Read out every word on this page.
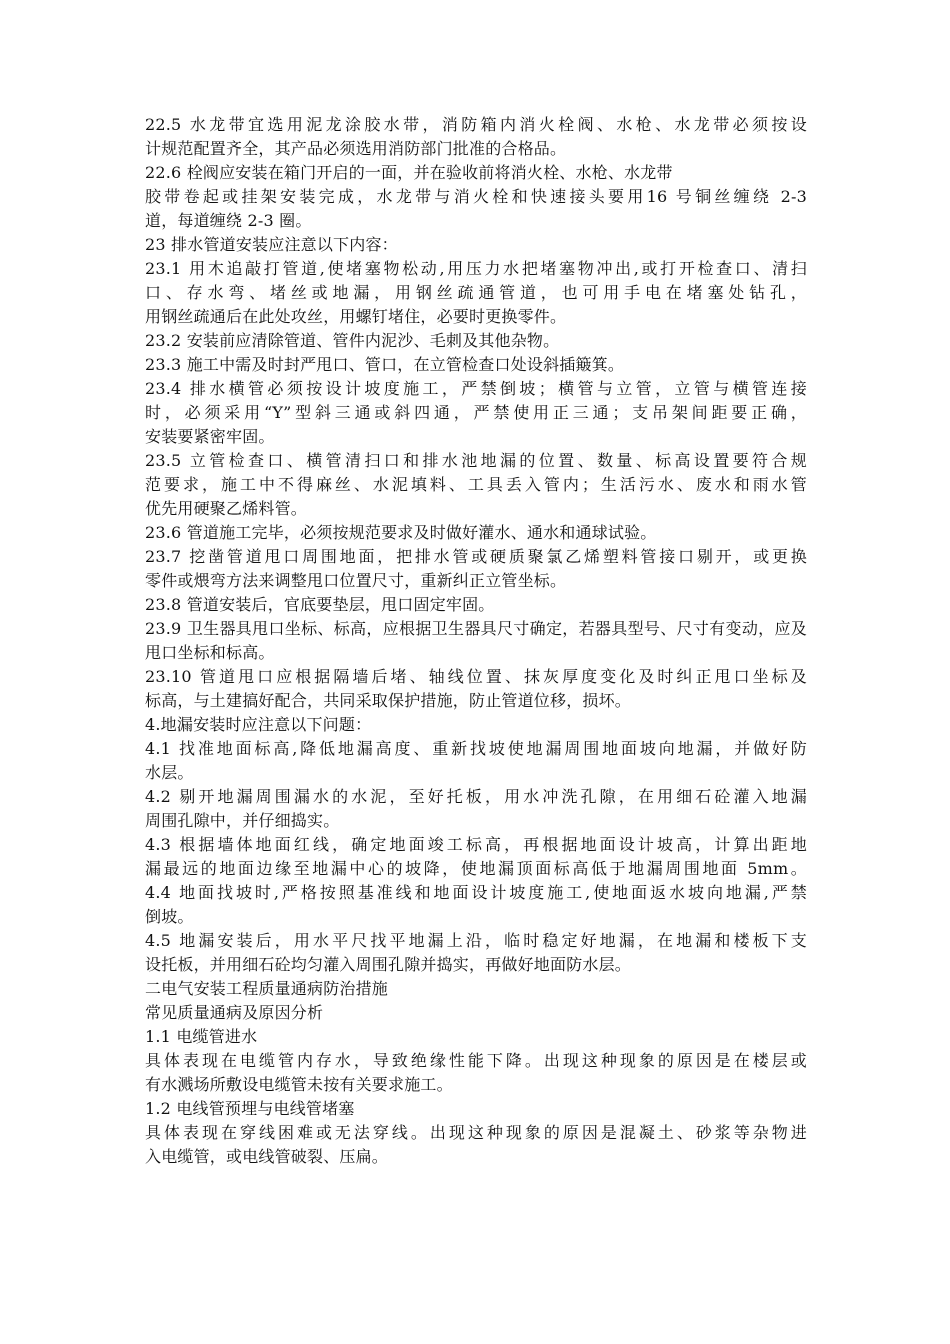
22.5 水龙带宜选用泥龙涂胶水带，消防箱内消火栓阀、水枪、水龙带必须按设
计规范配置齐全，其产品必须选用消防部门批准的合格品。
22.6 栓阀应安装在箱门开启的一面，并在验收前将消火栓、水枪、水龙带
胶带卷起或挂架安装完成，水龙带与消火栓和快速接头要用16 号铜丝缠绕 2-3
道，每道缠绕 2-3 圈。
23 排水管道安装应注意以下内容：
23.1 用木追敲打管道,使堵塞物松动,用压力水把堵塞物冲出,或打开检查口、清扫
口、存水弯、堵丝或地漏，用钢丝疏通管道，也可用手电在堵塞处钻孔，
用钢丝疏通后在此处攻丝，用螺钉堵住，必要时更换零件。
23.2 安装前应清除管道、管件内泥沙、毛刺及其他杂物。
23.3 施工中需及时封严甩口、管口，在立管检查口处设斜插簸箕。
23.4 排水横管必须按设计坡度施工，严禁倒坡；横管与立管，立管与横管连接
时，必须采用“Y”型斜三通或斜四通，严禁使用正三通；支吊架间距要正确，
安装要紧密牢固。
23.5 立管检查口、横管清扫口和排水池地漏的位置、数量、标高设置要符合规
范要求，施工中不得麻丝、水泥填料、工具丢入管内；生活污水、废水和雨水管
优先用硬聚乙烯料管。
23.6 管道施工完毕，必须按规范要求及时做好灌水、通水和通球试验。
23.7 挖凿管道甩口周围地面，把排水管或硬质聚氯乙烯塑料管接口剔开，或更换
零件或煨弯方法来调整甩口位置尺寸，重新纠正立管坐标。
23.8 管道安装后，官底要垫层，甩口固定牢固。
23.9 卫生器具甩口坐标、标高，应根据卫生器具尺寸确定，若器具型号、尺寸有变动，应及
甩口坐标和标高。
23.10 管道甩口应根据隔墙后堵、轴线位置、抹灰厚度变化及时纠正甩口坐标及
标高，与土建搞好配合，共同采取保护措施，防止管道位移，损坏。
4.地漏安装时应注意以下问题：
4.1 找准地面标高,降低地漏高度、重新找坡使地漏周围地面坡向地漏，并做好防
水层。
4.2 剔开地漏周围漏水的水泥，至好托板，用水冲洗孔隙，在用细石砼灌入地漏
周围孔隙中，并仔细捣实。
4.3 根据墙体地面红线，确定地面竣工标高，再根据地面设计坡高，计算出距地
漏最远的地面边缘至地漏中心的坡降，使地漏顶面标高低于地漏周围地面 5mm。
4.4 地面找坡时,严格按照基准线和地面设计坡度施工,使地面返水坡向地漏,严禁
倒坡。
4.5 地漏安装后，用水平尺找平地漏上沿，临时稳定好地漏，在地漏和楼板下支
设托板，并用细石砼均匀灌入周围孔隙并捣实，再做好地面防水层。
二电气安装工程质量通病防治措施
常见质量通病及原因分析
1.1 电缆管进水
具体表现在电缆管内存水，导致绝缘性能下降。出现这种现象的原因是在楼层或
有水溅场所敷设电缆管未按有关要求施工。
1.2 电线管预埋与电线管堵塞
具体表现在穿线困难或无法穿线。出现这种现象的原因是混凝土、砂浆等杂物进
入电缆管，或电线管破裂、压扁。
